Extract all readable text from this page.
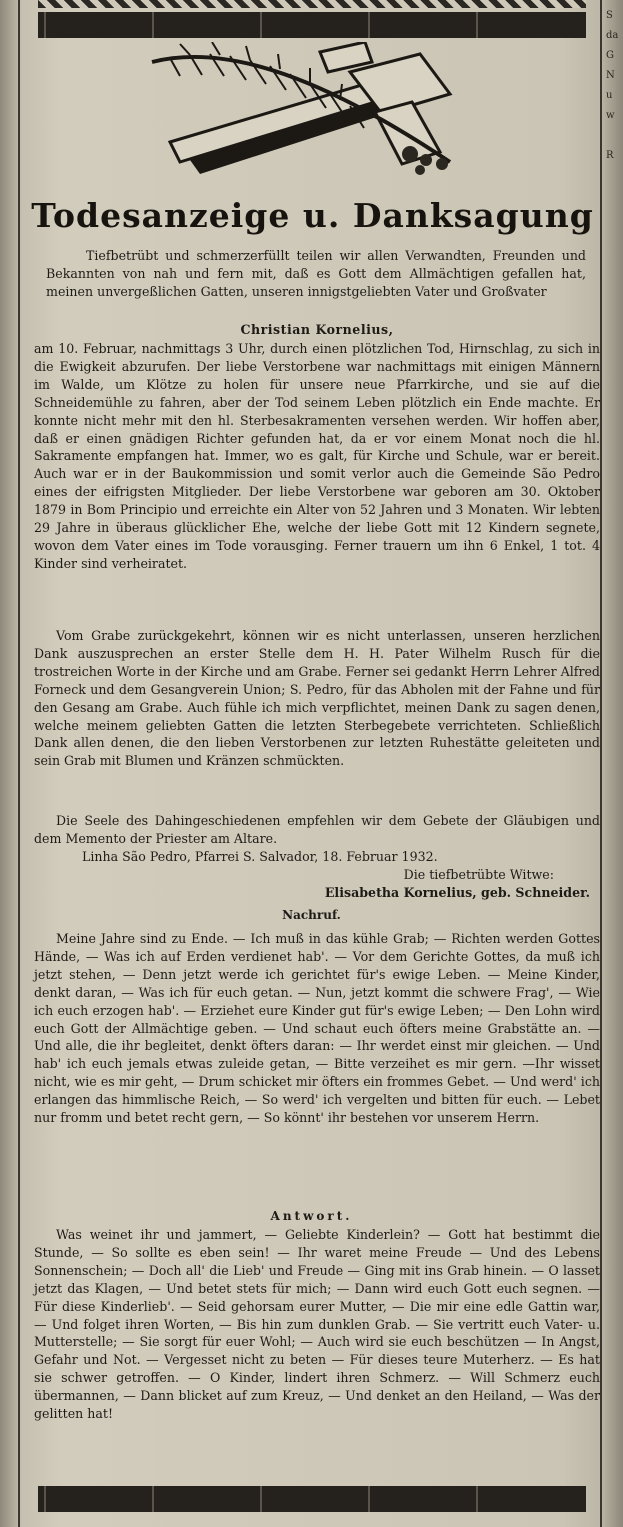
S
da
G
N
u
w

R
Todesanzeige u. Danksagung

Tiefbetrübt und schmerzerfüllt teilen wir allen Verwandten, Freunden und Bekannten von nah und fern mit, daß es Gott dem Allmächtigen gefallen hat, meinen unvergeßlichen Gatten, unseren innigstgeliebten Vater und Großvater

Christian Kornelius,

am 10. Februar, nachmittags 3 Uhr, durch einen plötzlichen Tod, Hirnschlag, zu sich in die Ewigkeit abzurufen. Der liebe Verstorbene war nachmittags mit einigen Männern im Walde, um Klötze zu holen für unsere neue Pfarrkirche, und sie auf die Schneidemühle zu fahren, aber der Tod seinem Leben plötzlich ein Ende machte. Er konnte nicht mehr mit den hl. Sterbesakramenten versehen werden. Wir hoffen aber, daß er einen gnädigen Richter gefunden hat, da er vor einem Monat noch die hl. Sakramente empfangen hat. Immer, wo es galt, für Kirche und Schule, war er bereit. Auch war er in der Baukommission und somit verlor auch die Gemeinde São Pedro eines der eifrigsten Mitglieder. Der liebe Verstorbene war geboren am 30. Oktober 1879 in Bom Principio und erreichte ein Alter von 52 Jahren und 3 Monaten. Wir lebten 29 Jahre in überaus glücklicher Ehe, welche der liebe Gott mit 12 Kindern segnete, wovon dem Vater eines im Tode vorausging. Ferner trauern um ihn 6 Enkel, 1 tot. 4 Kinder sind verheiratet.

Vom Grabe zurückgekehrt, können wir es nicht unterlassen, unseren herzlichen Dank auszusprechen an erster Stelle dem H. H. Pater Wilhelm Rusch für die trostreichen Worte in der Kirche und am Grabe. Ferner sei gedankt Herrn Lehrer Alfred Forneck und dem Gesangverein Union; S. Pedro, für das Abholen mit der Fahne und für den Gesang am Grabe. Auch fühle ich mich verpflichtet, meinen Dank zu sagen denen, welche meinem geliebten Gatten die letzten Sterbegebete verrichteten. Schließlich Dank allen denen, die den lieben Verstorbenen zur letzten Ruhestätte geleiteten und sein Grab mit Blumen und Kränzen schmückten.

Die Seele des Dahingeschiedenen empfehlen wir dem Gebete der Gläubigen und dem Memento der Priester am Altare.

Linha São Pedro, Pfarrei S. Salvador, 18. Februar 1932.

Die tiefbetrübte Witwe:

Elisabetha Kornelius, geb. Schneider.

Nachruf.

Meine Jahre sind zu Ende. — Ich muß in das kühle Grab; — Richten werden Gottes Hände, — Was ich auf Erden verdienet hab'. — Vor dem Gerichte Gottes, da muß ich jetzt stehen, — Denn jetzt werde ich gerichtet für's ewige Leben. — Meine Kinder, denkt daran, — Was ich für euch getan. — Nun, jetzt kommt die schwere Frag', — Wie ich euch erzogen hab'. — Erziehet eure Kinder gut für's ewige Leben; — Den Lohn wird euch Gott der Allmächtige geben. — Und schaut euch öfters meine Grabstätte an. — Und alle, die ihr begleitet, denkt öfters daran: — Ihr werdet einst mir gleichen. — Und hab' ich euch jemals etwas zuleide getan, — Bitte verzeihet es mir gern. —Ihr wisset nicht, wie es mir geht, — Drum schicket mir öfters ein frommes Gebet. — Und werd' ich erlangen das himmlische Reich, — So werd' ich vergelten und bitten für euch. — Lebet nur fromm und betet recht gern, — So könnt' ihr bestehen vor unserem Herrn.

Antwort.

Was weinet ihr und jammert, — Geliebte Kinderlein? — Gott hat bestimmt die Stunde, — So sollte es eben sein! — Ihr waret meine Freude — Und des Lebens Sonnenschein; — Doch all' die Lieb' und Freude — Ging mit ins Grab hinein. — O lasset jetzt das Klagen, — Und betet stets für mich; — Dann wird euch Gott euch segnen. — Für diese Kinderlieb'. — Seid gehorsam eurer Mutter, — Die mir eine edle Gattin war, — Und folget ihren Worten, — Bis hin zum dunklen Grab. — Sie vertritt euch Vater- u. Mutterstelle; — Sie sorgt für euer Wohl; — Auch wird sie euch beschützen — In Angst, Gefahr und Not. — Vergesset nicht zu beten — Für dieses teure Muterherz. — Es hat sie schwer getroffen. — O Kinder, lindert ihren Schmerz. — Will Schmerz euch übermannen, — Dann blicket auf zum Kreuz, — Und denket an den Heiland, — Was der gelitten hat!
